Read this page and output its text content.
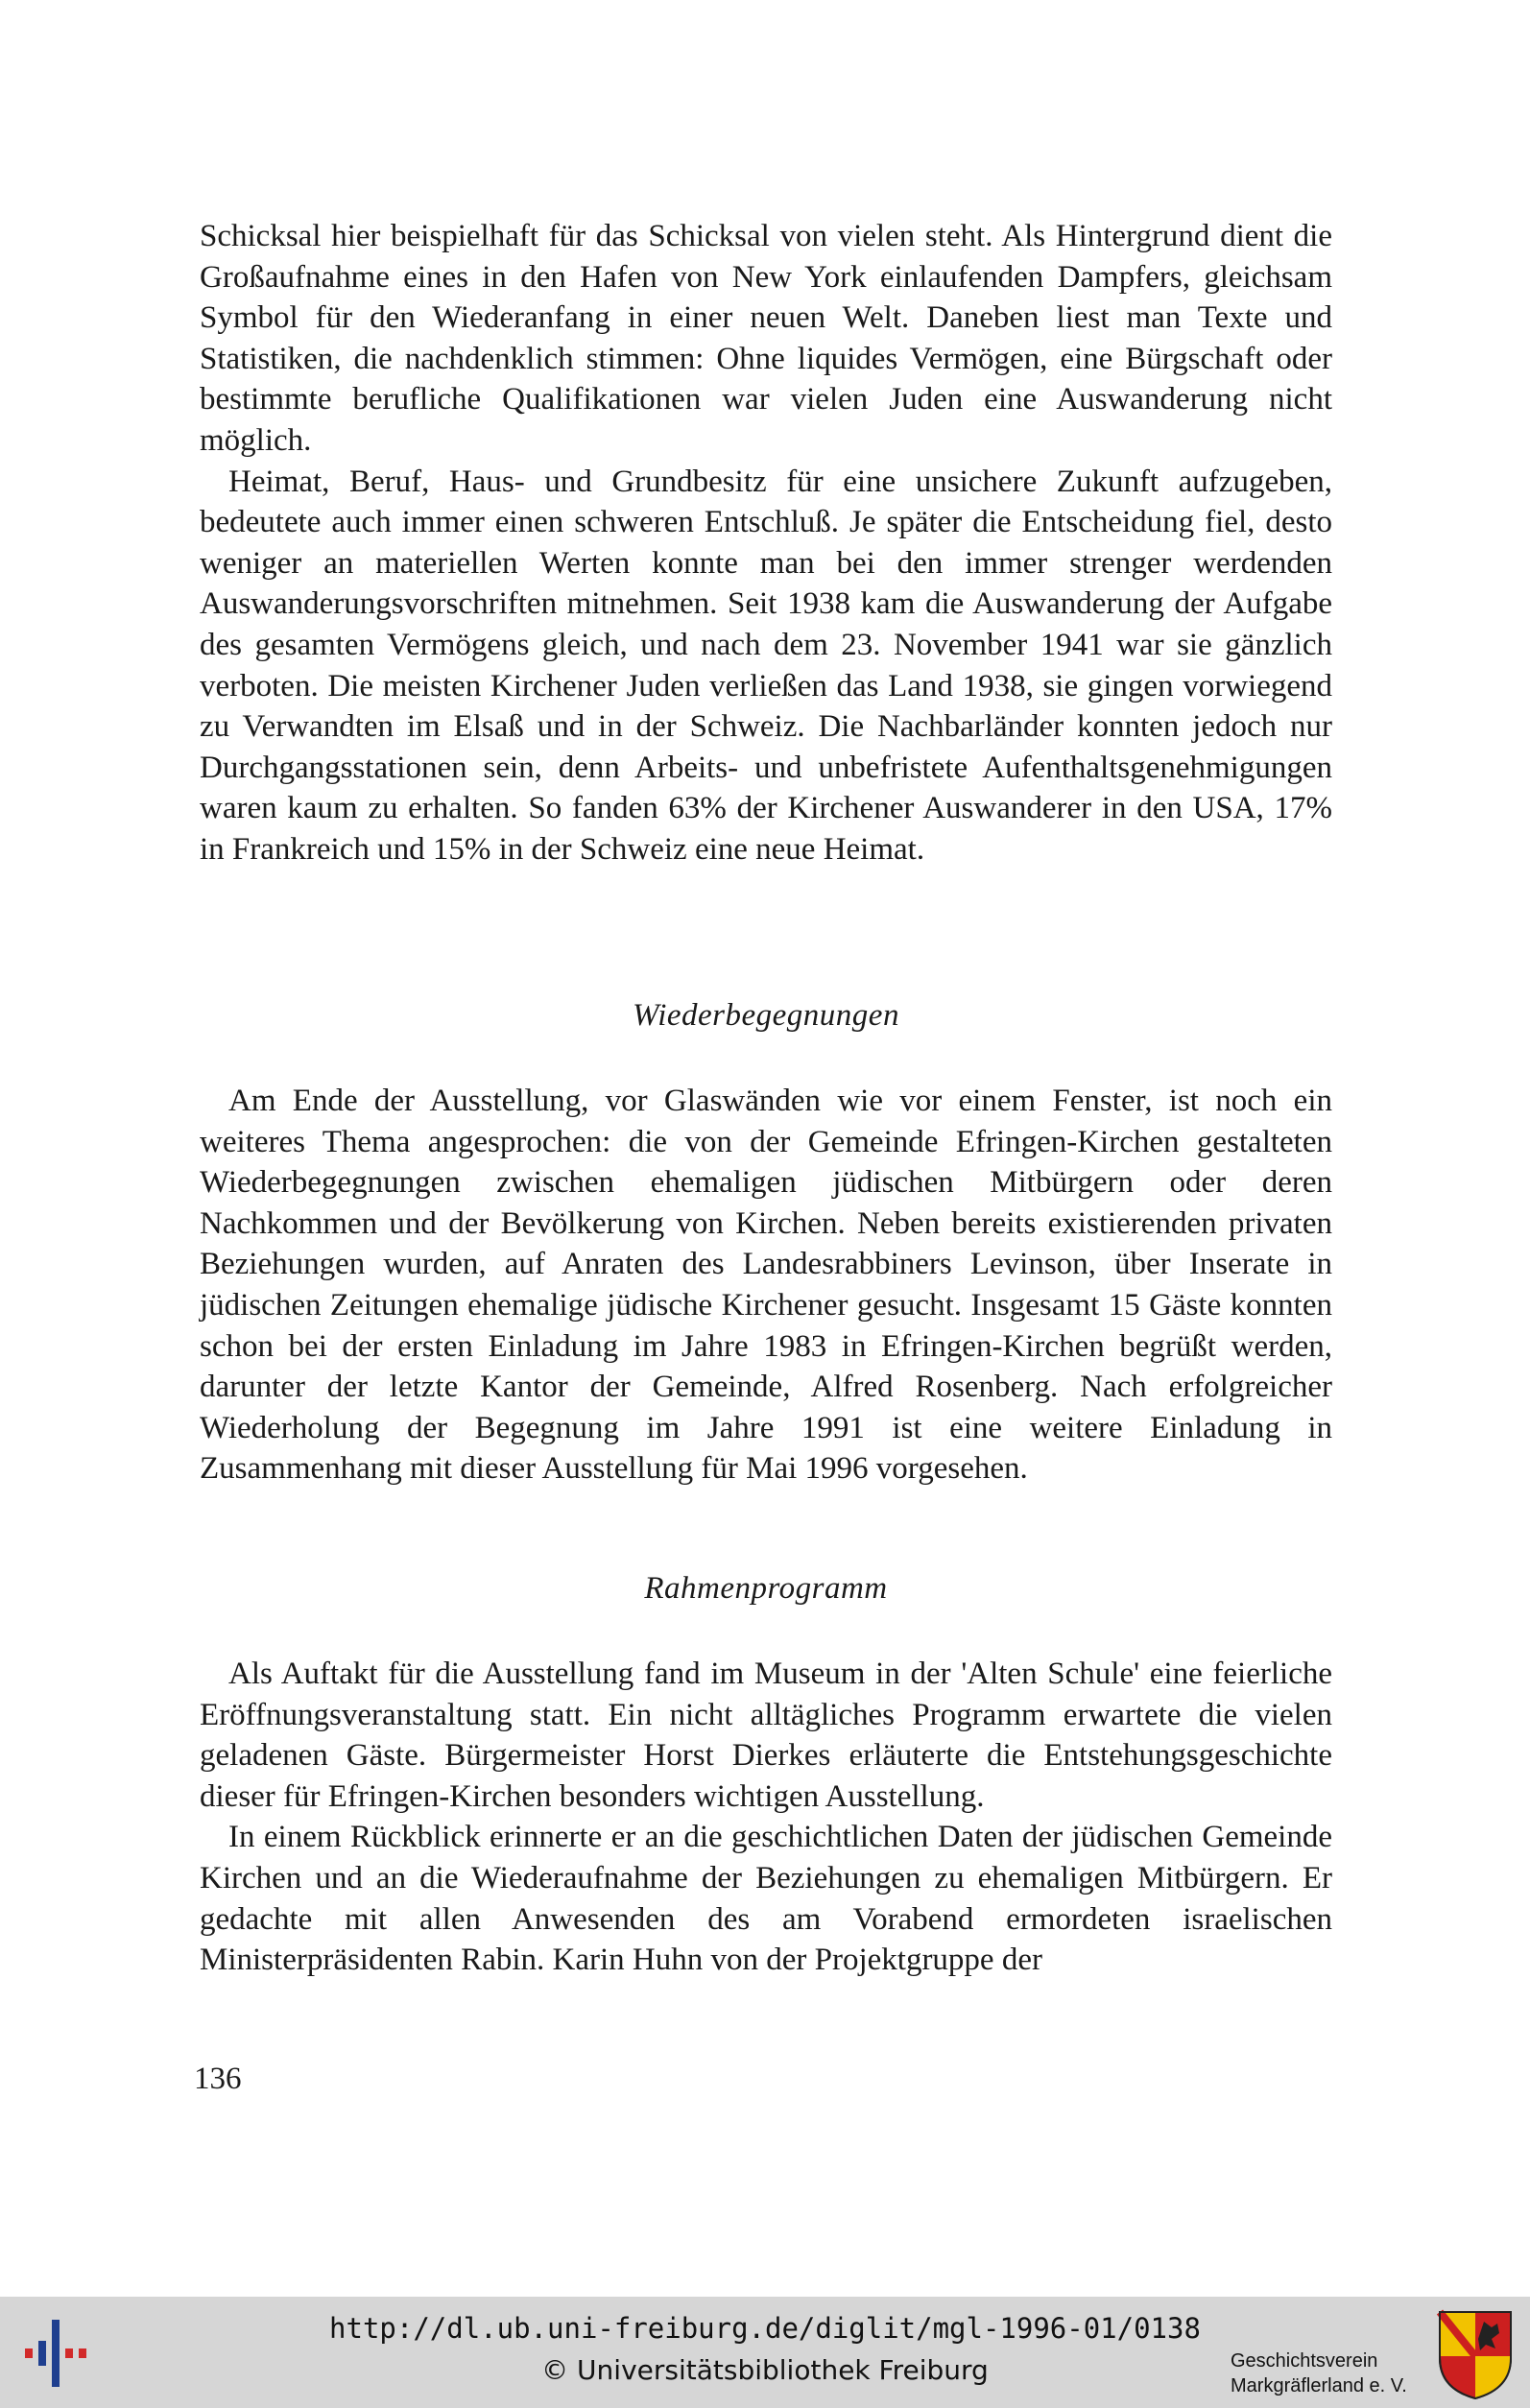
Schicksal hier beispielhaft für das Schicksal von vielen steht. Als Hintergrund dient die Großaufnahme eines in den Hafen von New York einlaufenden Dampfers, gleichsam Symbol für den Wiederanfang in einer neuen Welt. Daneben liest man Texte und Statistiken, die nachdenklich stimmen: Ohne liquides Vermögen, eine Bürgschaft oder bestimmte berufliche Qualifikationen war vielen Juden eine Auswanderung nicht möglich.

Heimat, Beruf, Haus- und Grundbesitz für eine unsichere Zukunft aufzugeben, bedeutete auch immer einen schweren Entschluß. Je später die Entscheidung fiel, desto weniger an materiellen Werten konnte man bei den immer strenger werdenden Auswanderungsvorschriften mitnehmen. Seit 1938 kam die Auswanderung der Aufgabe des gesamten Vermögens gleich, und nach dem 23. November 1941 war sie gänzlich verboten. Die meisten Kirchener Juden verließen das Land 1938, sie gingen vorwiegend zu Verwandten im Elsaß und in der Schweiz. Die Nachbarländer konnten jedoch nur Durchgangsstationen sein, denn Arbeits- und unbefristete Aufenthaltsgenehmigungen waren kaum zu erhalten. So fanden 63% der Kirchener Auswanderer in den USA, 17% in Frankreich und 15% in der Schweiz eine neue Heimat.

Wiederbegegnungen

Am Ende der Ausstellung, vor Glaswänden wie vor einem Fenster, ist noch ein weiteres Thema angesprochen: die von der Gemeinde Efringen-Kirchen gestalteten Wiederbegegnungen zwischen ehemaligen jüdischen Mitbürgern oder deren Nachkommen und der Bevölkerung von Kirchen. Neben bereits existierenden privaten Beziehungen wurden, auf Anraten des Landesrabbiners Levinson, über Inserate in jüdischen Zeitungen ehemalige jüdische Kirchener gesucht. Insgesamt 15 Gäste konnten schon bei der ersten Einladung im Jahre 1983 in Efringen-Kirchen begrüßt werden, darunter der letzte Kantor der Gemeinde, Alfred Rosenberg. Nach erfolgreicher Wiederholung der Begegnung im Jahre 1991 ist eine weitere Einladung in Zusammenhang mit dieser Ausstellung für Mai 1996 vorgesehen.

Rahmenprogramm

Als Auftakt für die Ausstellung fand im Museum in der 'Alten Schule' eine feierliche Eröffnungsveranstaltung statt. Ein nicht alltägliches Programm erwartete die vielen geladenen Gäste. Bürgermeister Horst Dierkes erläuterte die Entstehungsgeschichte dieser für Efringen-Kirchen besonders wichtigen Ausstellung.

In einem Rückblick erinnerte er an die geschichtlichen Daten der jüdischen Gemeinde Kirchen und an die Wiederaufnahme der Beziehungen zu ehemaligen Mitbürgern. Er gedachte mit allen Anwesenden des am Vorabend ermordeten israelischen Ministerpräsidenten Rabin. Karin Huhn von der Projektgruppe der

136
http://dl.ub.uni-freiburg.de/diglit/mgl-1996-01/0138
© Universitätsbibliothek Freiburg	Geschichtsverein
Markgräflerland e. V.
